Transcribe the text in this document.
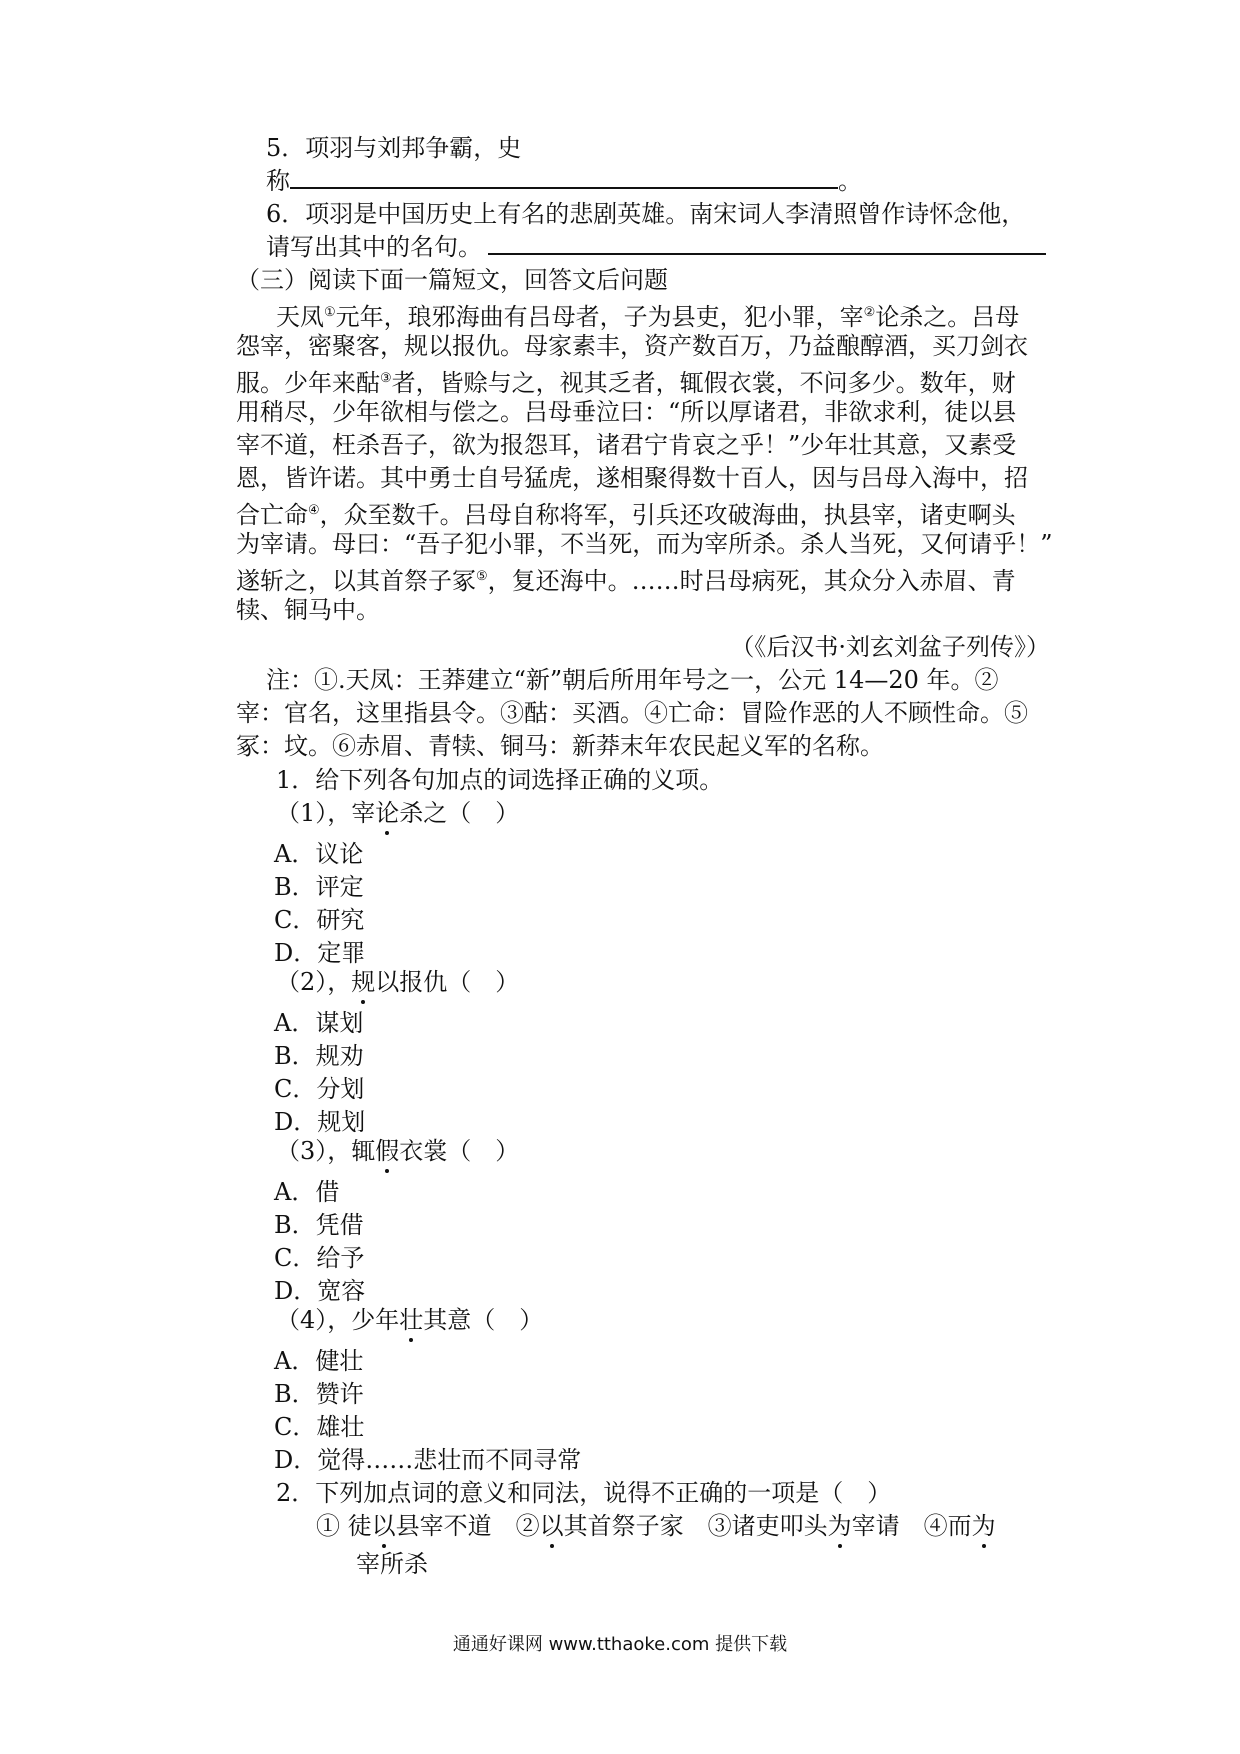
5．项羽与刘邦争霸，史
称	。
6．项羽是中国历史上有名的悲剧英雄。南宋词人李清照曾作诗怀念他，
请写出其中的名句。
（三）阅读下面一篇短文，回答文后问题
天凤①元年，琅邪海曲有吕母者，子为县吏，犯小罪，宰②论杀之。吕母
怨宰，密聚客，规以报仇。母家素丰，资产数百万，乃益酿醇酒，买刀剑衣
服。少年来酤③者，皆赊与之，视其乏者，辄假衣裳，不问多少。数年，财
用稍尽，少年欲相与偿之。吕母垂泣曰：“所以厚诸君，非欲求利，徒以县
宰不道，枉杀吾子，欲为报怨耳，诸君宁肯哀之乎！”少年壮其意，又素受
恩，皆许诺。其中勇士自号猛虎，遂相聚得数十百人，因与吕母入海中，招
合亡命④，众至数千。吕母自称将军，引兵还攻破海曲，执县宰，诸吏啊头
为宰请。母曰：“吾子犯小罪，不当死，而为宰所杀。杀人当死，又何请乎！”
遂斩之，以其首祭子冢⑤，复还海中。……时吕母病死，其众分入赤眉、青
犊、铜马中。
（《后汉书·刘玄刘盆子列传》）
注：①.天凤：王莽建立“新”朝后所用年号之一，公元 14—20 年。②
宰：官名，这里指县令。③酤：买酒。④亡命：冒险作恶的人不顾性命。⑤
冢：坟。⑥赤眉、青犊、铜马：新莽末年农民起义军的名称。
1．给下列各句加点的词选择正确的义项。
（1），宰论杀之（　）
A．议论
B．评定
C．研究
D．定罪
（2），规以报仇（　）
A．谋划
B．规劝
C．分划
D．规划
（3），辄假衣裳（　）
A．借
B．凭借
C．给予
D．宽容
（4），少年壮其意（　）
A．健壮
B．赞许
C．雄壮
D．觉得……悲壮而不同寻常
2．下列加点词的意义和同法，说得不正确的一项是（　）
① 徒以县宰不道　 ②以其首祭子家　 ③诸吏叩头为宰请　 ④而为
宰所杀
通通好课网 www.tthaoke.com 提供下载
